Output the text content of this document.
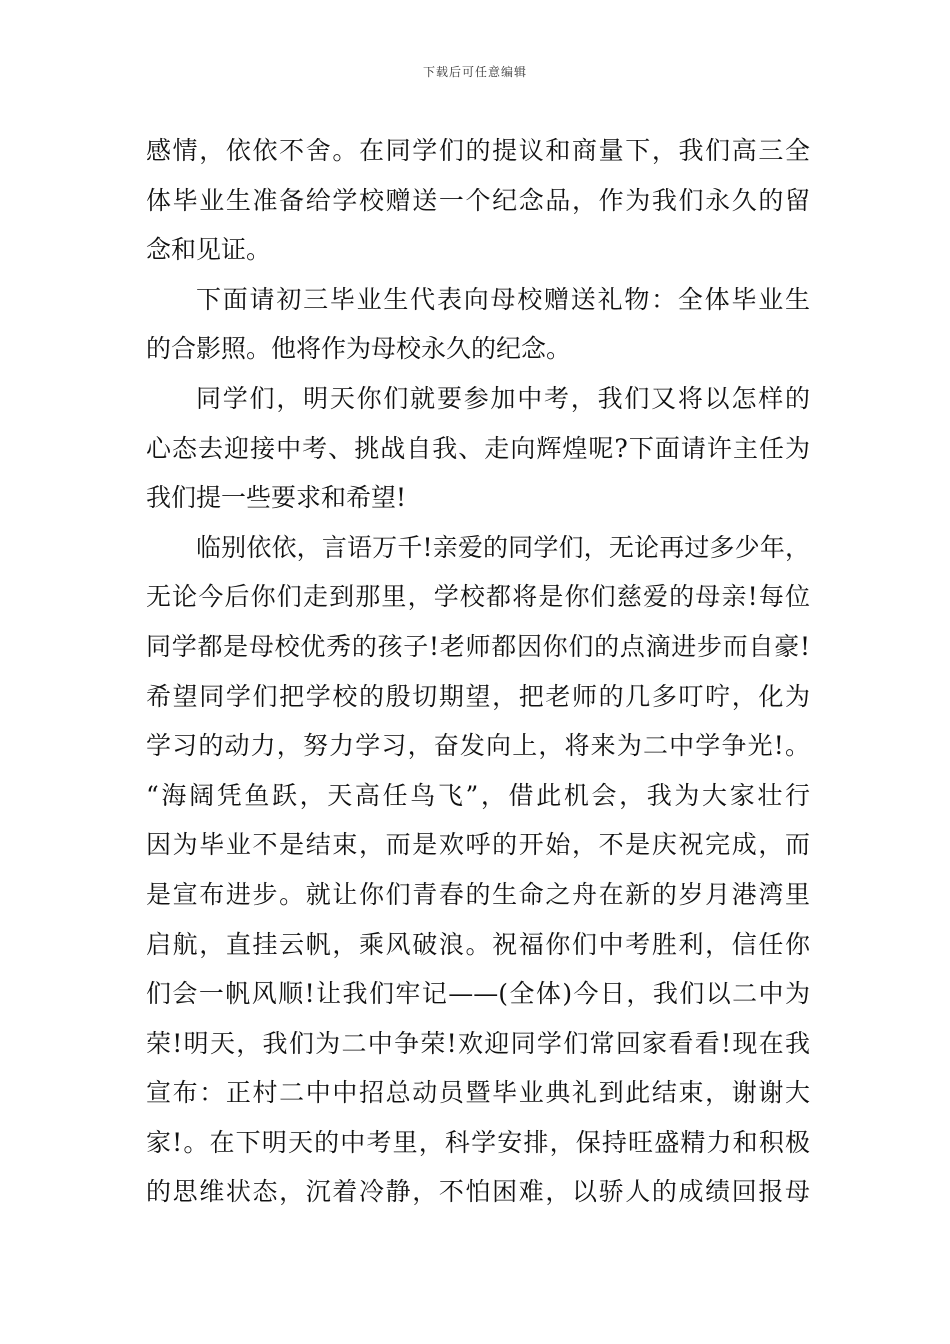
下载后可任意编辑
感情，依依不舍。在同学们的提议和商量下，我们高三全
体毕业生准备给学校赠送一个纪念品，作为我们永久的留
念和见证。
下面请初三毕业生代表向母校赠送礼物：全体毕业生
的合影照。他将作为母校永久的纪念。
同学们，明天你们就要参加中考，我们又将以怎样的
心态去迎接中考、挑战自我、走向辉煌呢?下面请许主任为
我们提一些要求和希望!
临别依依，言语万千!亲爱的同学们，无论再过多少年，
无论今后你们走到那里，学校都将是你们慈爱的母亲!每位
同学都是母校优秀的孩子!老师都因你们的点滴进步而自豪!
希望同学们把学校的殷切期望，把老师的几多叮咛，化为
学习的动力，努力学习，奋发向上，将来为二中学争光!。
“海阔凭鱼跃，天高任鸟飞”，借此机会，我为大家壮行
因为毕业不是结束，而是欢呼的开始，不是庆祝完成，而
是宣布进步。就让你们青春的生命之舟在新的岁月港湾里
启航，直挂云帆，乘风破浪。祝福你们中考胜利，信任你
们会一帆风顺!让我们牢记——(全体)今日，我们以二中为
荣!明天，我们为二中争荣!欢迎同学们常回家看看!现在我
宣布：正村二中中招总动员暨毕业典礼到此结束，谢谢大
家!。在下明天的中考里，科学安排，保持旺盛精力和积极
的思维状态，沉着冷静，不怕困难，以骄人的成绩回报母
